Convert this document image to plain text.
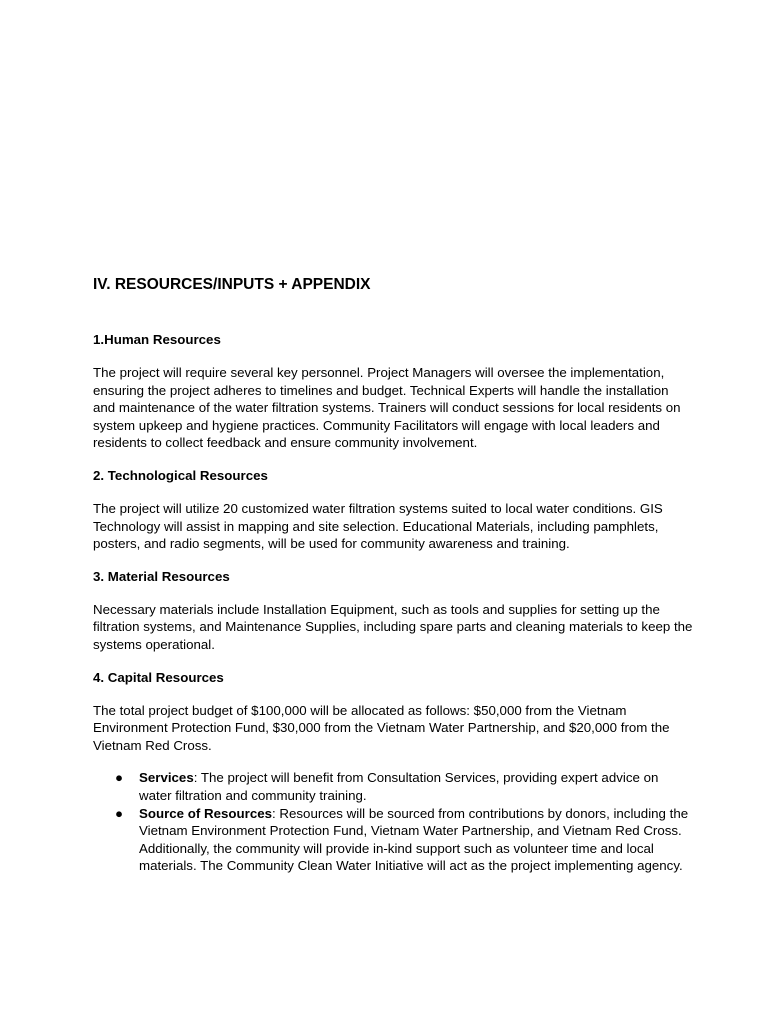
IV. RESOURCES/INPUTS + APPENDIX
1.Human Resources

The project will require several key personnel. Project Managers will oversee the implementation, ensuring the project adheres to timelines and budget. Technical Experts will handle the installation and maintenance of the water filtration systems. Trainers will conduct sessions for local residents on system upkeep and hygiene practices. Community Facilitators will engage with local leaders and residents to collect feedback and ensure community involvement.

2. Technological Resources

The project will utilize 20 customized water filtration systems suited to local water conditions. GIS Technology will assist in mapping and site selection. Educational Materials, including pamphlets, posters, and radio segments, will be used for community awareness and training.

3. Material Resources

Necessary materials include Installation Equipment, such as tools and supplies for setting up the filtration systems, and Maintenance Supplies, including spare parts and cleaning materials to keep the systems operational.

4. Capital Resources

The total project budget of $100,000 will be allocated as follows: $50,000 from the Vietnam Environment Protection Fund, $30,000 from the Vietnam Water Partnership, and $20,000 from the Vietnam Red Cross.

● Services: The project will benefit from Consultation Services, providing expert advice on water filtration and community training.
● Source of Resources: Resources will be sourced from contributions by donors, including the Vietnam Environment Protection Fund, Vietnam Water Partnership, and Vietnam Red Cross. Additionally, the community will provide in-kind support such as volunteer time and local materials. The Community Clean Water Initiative will act as the project implementing agency.
